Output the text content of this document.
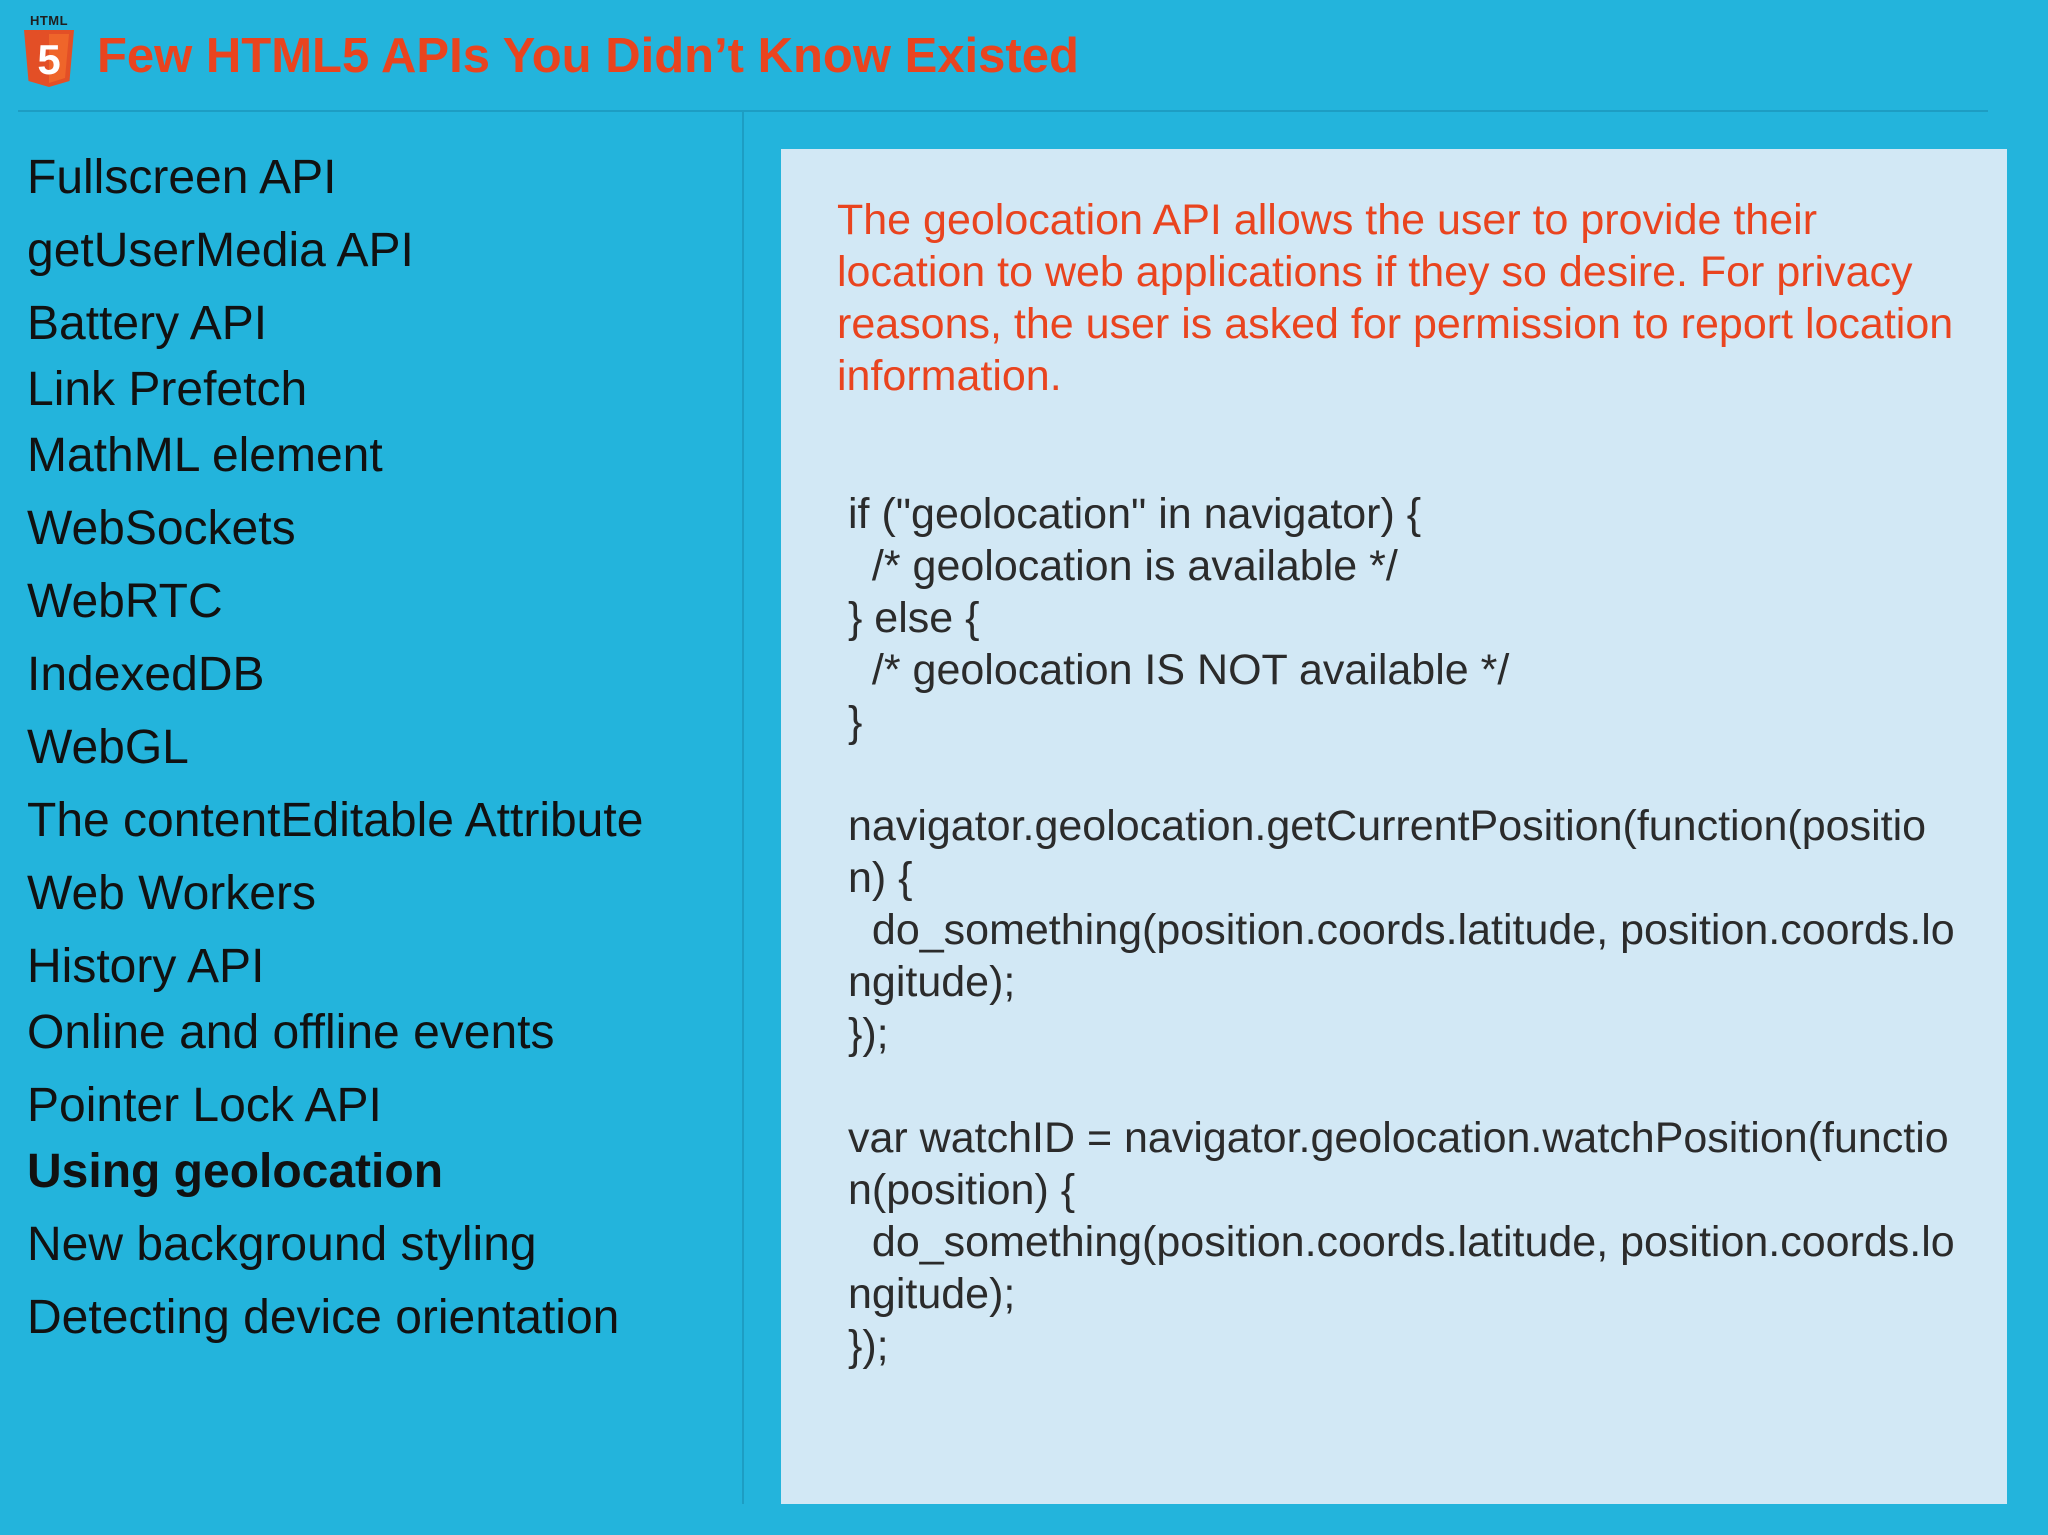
HTML
5 Few HTML5 APIs You Didn’t Know Existed
Fullscreen API
getUserMedia API
Battery API
Link Prefetch
MathML element
WebSockets
WebRTC
IndexedDB
WebGL
The contentEditable Attribute
Web Workers
History API
Online and offline events
Pointer Lock API
Using geolocation
New background styling
Detecting device orientation

The geolocation API allows the user to provide their location to web applications if they so desire. For privacy reasons, the user is asked for permission to report location information.

if ("geolocation" in navigator) {
/* geolocation is available */
} else {
/* geolocation IS NOT available */
}

navigator.geolocation.getCurrentPosition(function(position) {
do_something(position.coords.latitude, position.coords.longitude);
});

var watchID = navigator.geolocation.watchPosition(function(position) {
do_something(position.coords.latitude, position.coords.longitude);
});
